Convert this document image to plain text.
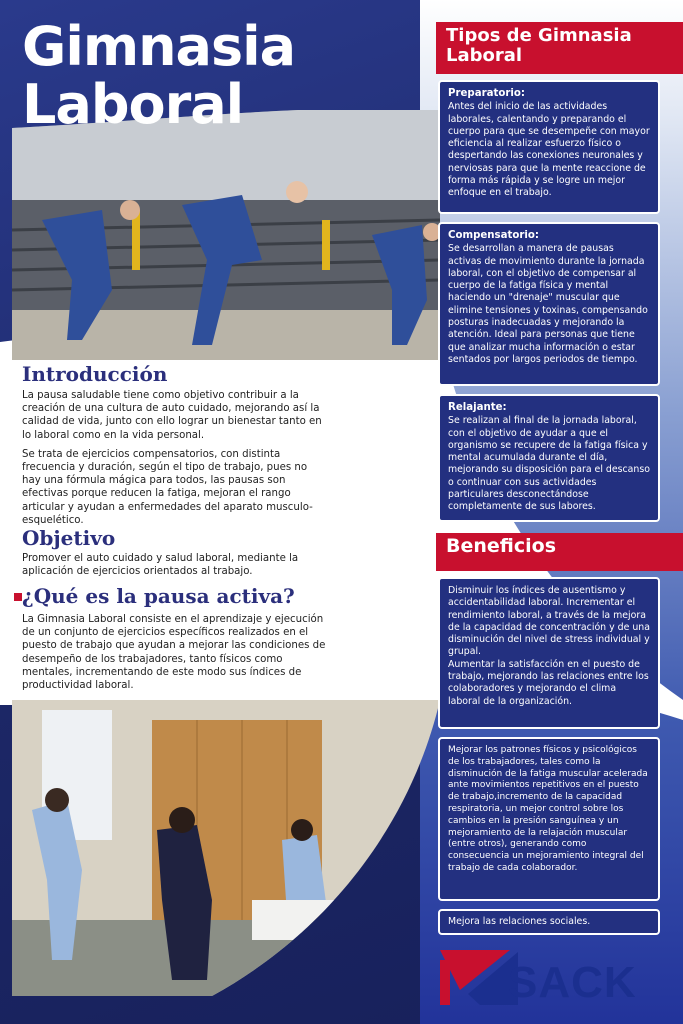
Gimnasia
Laboral
Introducción

La pausa saludable tiene como objetivo contribuir a la creación de una cultura de auto cuidado, mejorando así la calidad de vida, junto con ello lograr un bienestar tanto en lo laboral como en la vida personal.

Se trata de ejercicios compensatorios, con distinta frecuencia y duración, según el tipo de trabajo, pues no hay una fórmula mágica para todos, las pausas son efectivas porque reducen la fatiga, mejoran el rango articular y ayudan a enfermedades del aparato musculo-esquelético.

Objetivo
Promover el auto cuidado y salud laboral, mediante la aplicación de ejercicios orientados al trabajo.
¿Qué es la pausa activa?
La Gimnasia Laboral consiste en el aprendizaje y ejecución de un conjunto de ejercicios específicos realizados en el puesto de trabajo que ayudan a mejorar las condiciones de desempeño de los trabajadores, tanto físicos como mentales, incrementando de este modo sus índices de productividad laboral.
Tipos de Gimnasia Laboral
Preparatorio:
Antes del inicio de las actividades laborales, calentando y preparando el cuerpo para que se desempeñe con mayor eficiencia al realizar esfuerzo físico o despertando las conexiones neuronales y nerviosas para que la mente reaccione de forma más rápida y se logre un mejor enfoque en el trabajo.
Compensatorio:
Se desarrollan a manera de pausas activas de movimiento durante la jornada laboral, con el objetivo de compensar al cuerpo de la fatiga física y mental haciendo un "drenaje" muscular que elimine tensiones y toxinas, compensando posturas inadecuadas y mejorando la atención. Ideal para personas que tiene que analizar mucha información o estar sentados por largos periodos de tiempo.
Relajante:
Se realizan al final de la jornada laboral, con el objetivo de ayudar a que el organismo se recupere de la fatiga física y mental acumulada durante el día, mejorando su disposición para el descanso o continuar con sus actividades particulares desconectándose completamente de sus labores.
Beneficios
Disminuir los índices de ausentismo y accidentabilidad laboral. Incrementar el rendimiento laboral, a través de la mejora de la capacidad de concentración y de una disminución del nivel de stress individual y grupal.
Aumentar la satisfacción en el puesto de trabajo, mejorando las relaciones entre los colaboradores y mejorando el clima laboral de la organización.
Mejorar los patrones físicos y psicológicos de los trabajadores, tales como la disminución de la fatiga muscular acelerada ante movimientos repetitivos en el puesto de trabajo,incremento de la capacidad respiratoria, un mejor control sobre los cambios en la presión sanguínea y un mejoramiento de la relajación muscular (entre otros), generando como consecuencia un mejoramiento integral del trabajo de cada colaborador.
Mejora las relaciones sociales.
SACK
